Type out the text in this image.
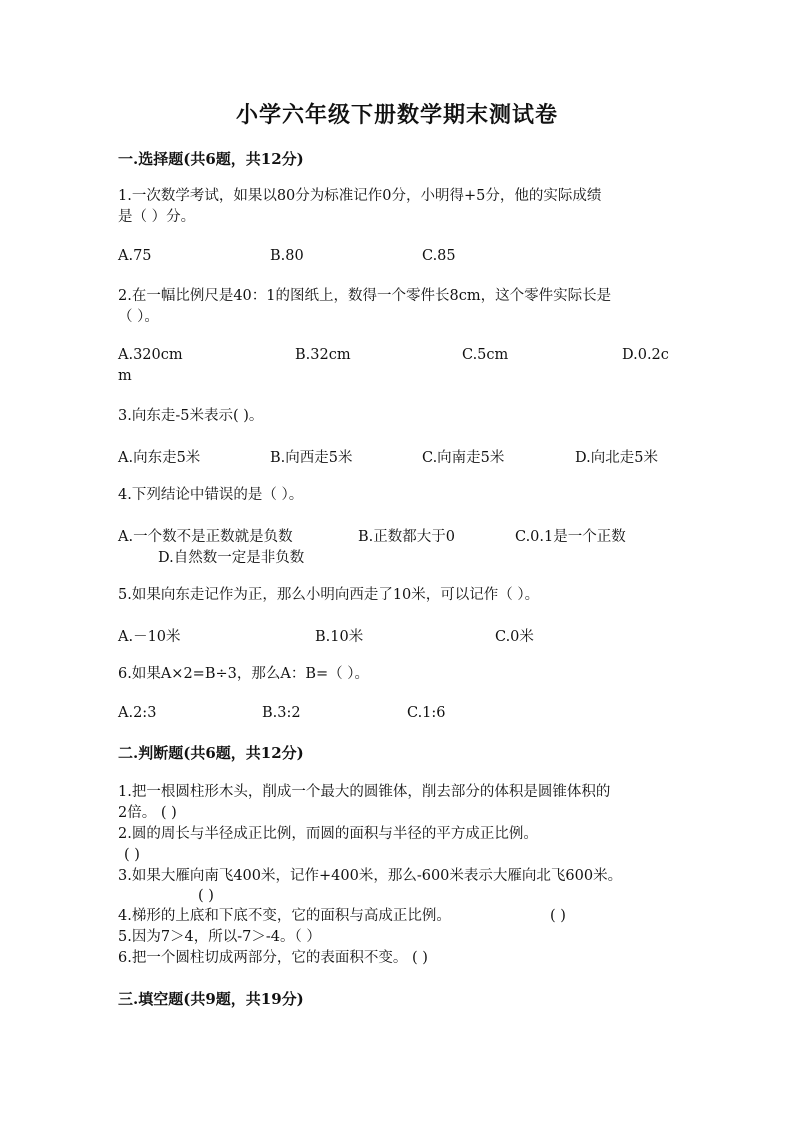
小学六年级下册数学期末测试卷
一.选择题(共6题，共12分)
1.一次数学考试，如果以80分为标准记作0分，小明得+5分，他的实际成绩
是（ ）分。
A.75	B.80	C.85
2.在一幅比例尺是40：1的图纸上，数得一个零件长8cm，这个零件实际长是
（ ）。
A.320cm	B.32cm	C.5cm	D.0.2c
m
3.向东走-5米表示( )。
A.向东走5米	B.向西走5米	C.向南走5米	D.向北走5米
4.下列结论中错误的是（ ）。
A.一个数不是正数就是负数	B.正数都大于0	C.0.1是一个正数
D.自然数一定是非负数
5.如果向东走记作为正，那么小明向西走了10米，可以记作（ ）。
A.－10米	B.10米	C.0米
6.如果A×2=B÷3，那么A：B=（ ）。
A.2:3	B.3:2	C.1:6
二.判断题(共6题，共12分)
1.把一根圆柱形木头，削成一个最大的圆锥体，削去部分的体积是圆锥体积的
2倍。 ( )
2.圆的周长与半径成正比例，而圆的面积与半径的平方成正比例。
( )
3.如果大雁向南飞400米，记作+400米，那么-600米表示大雁向北飞600米。
( )
4.梯形的上底和下底不变，它的面积与高成正比例。	( )
5.因为7＞4，所以-7＞-4。（ ）
6.把一个圆柱切成两部分，它的表面积不变。 ( )
三.填空题(共9题，共19分)
